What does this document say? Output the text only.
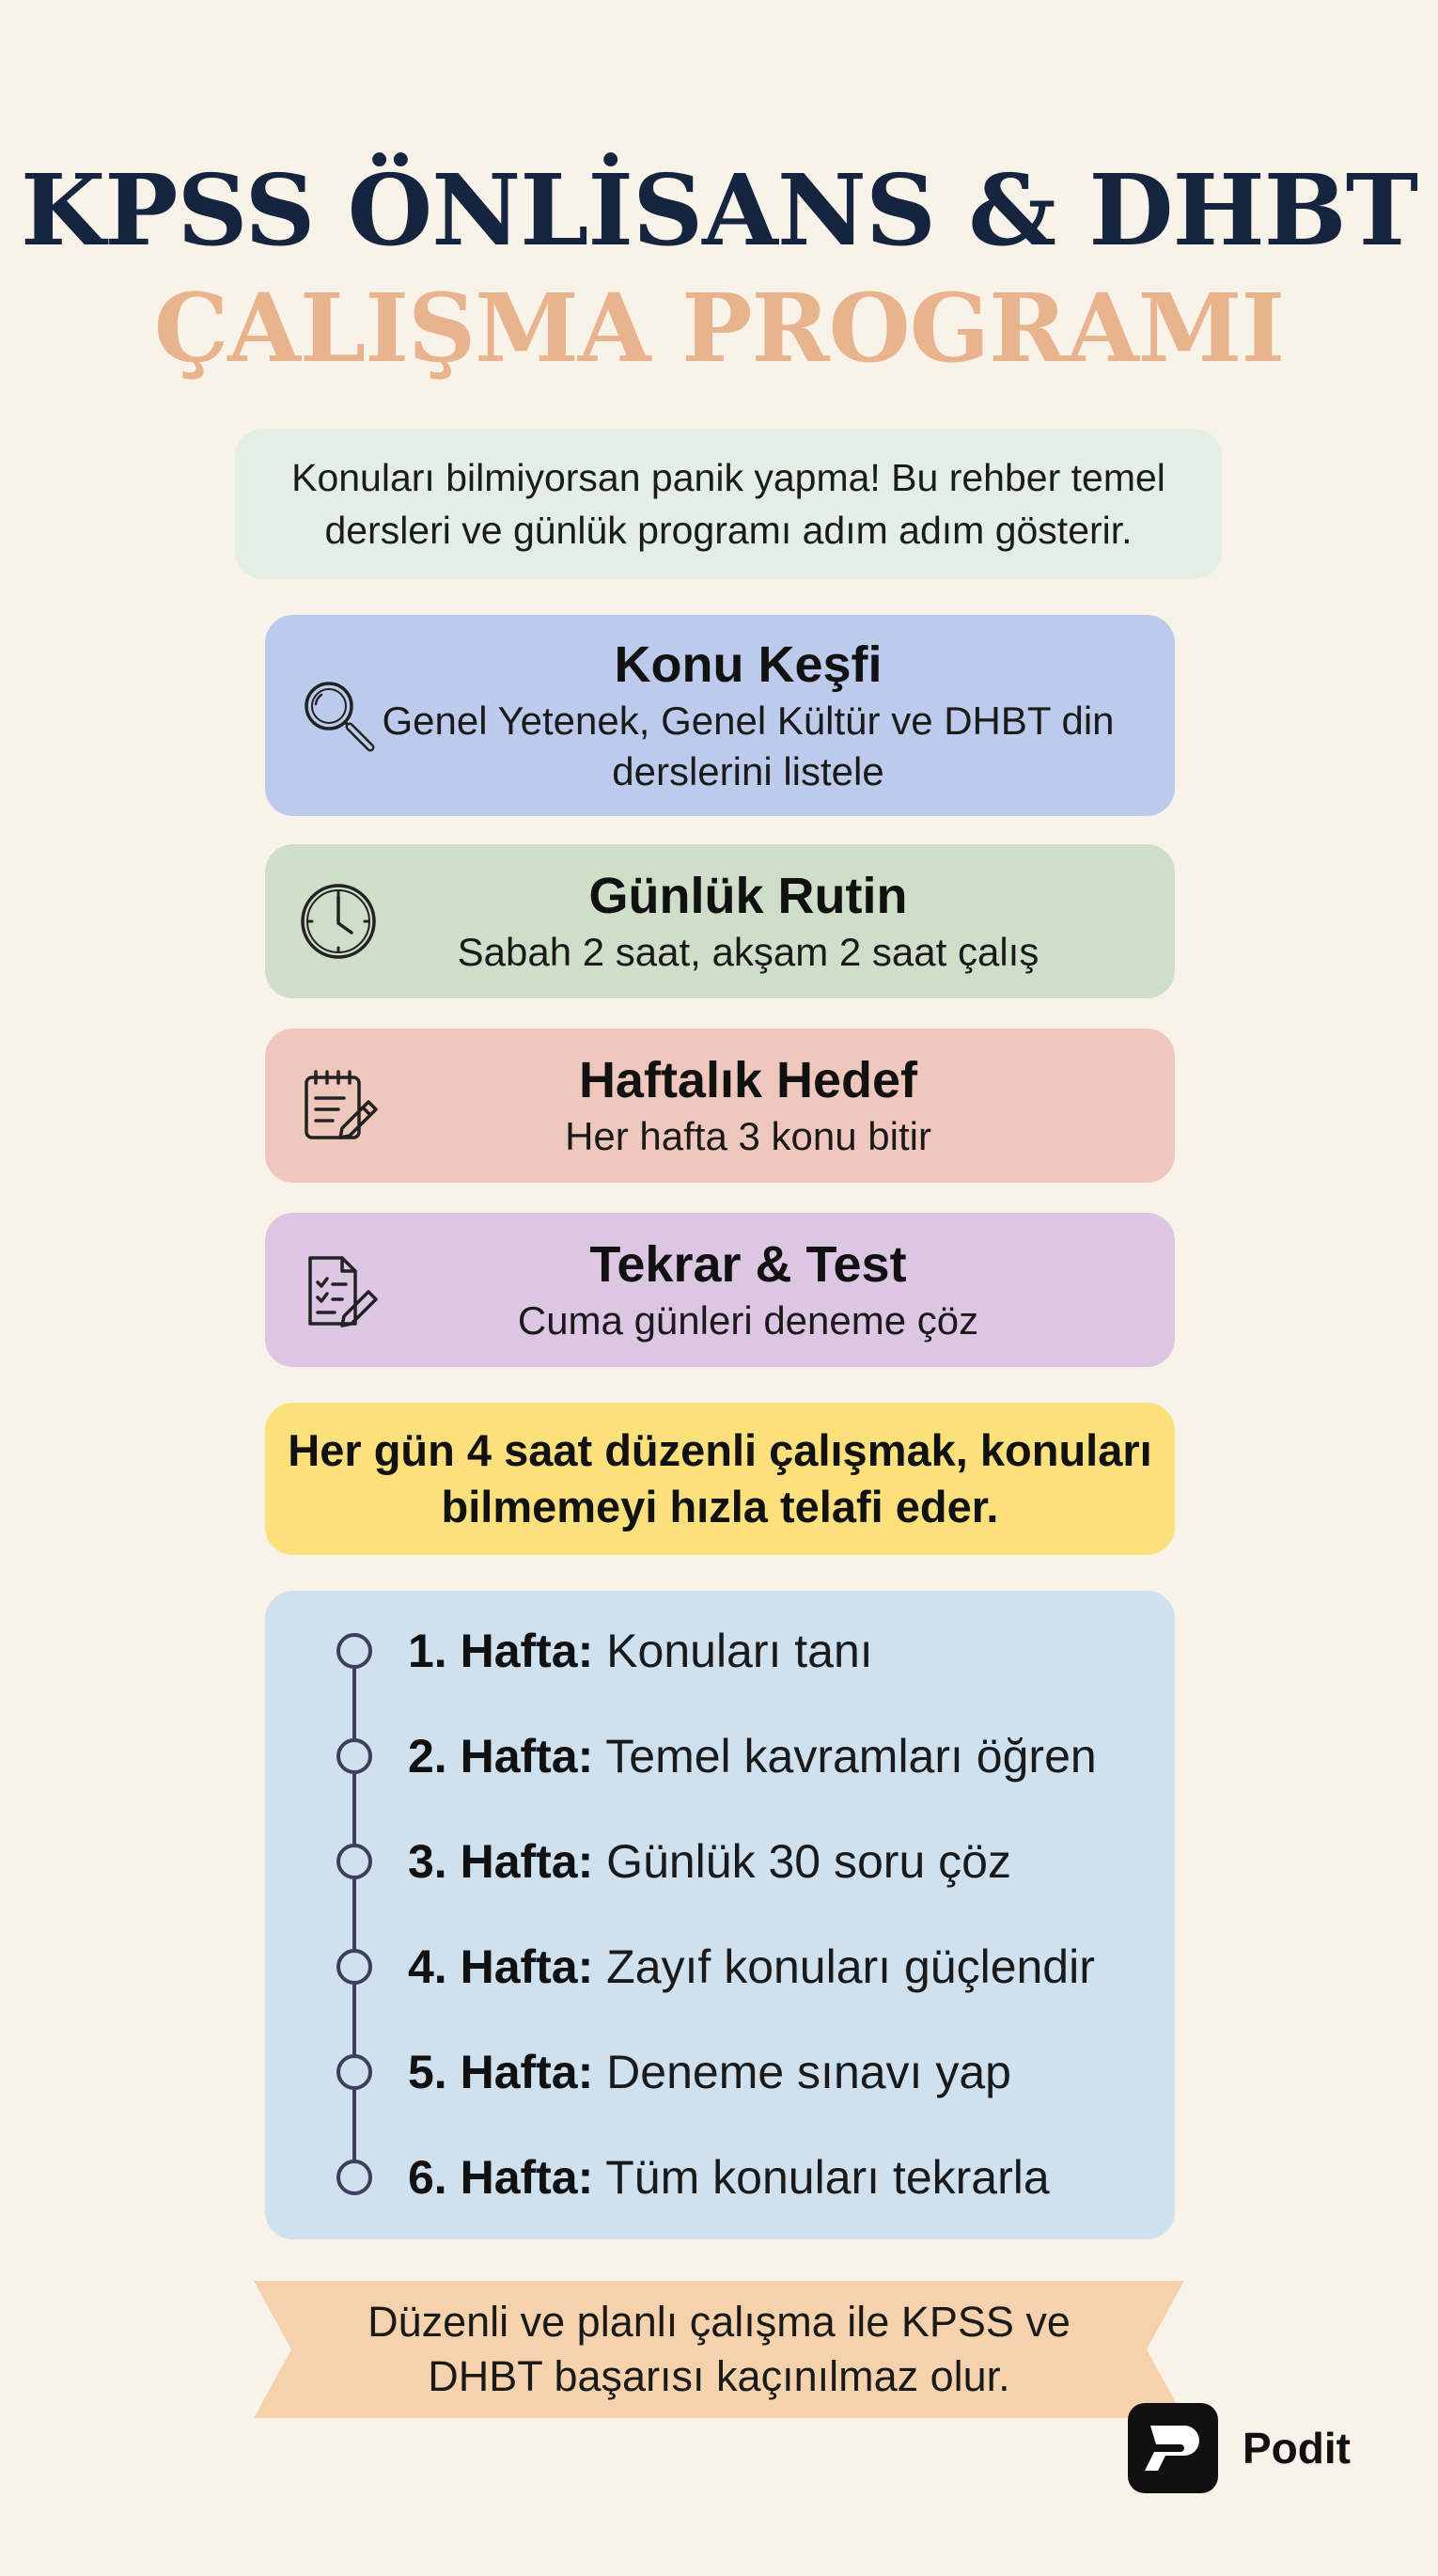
KPSS ÖNLİSANS & DHBT
ÇALIŞMA PROGRAMI
Konuları bilmiyorsan panik yapma! Bu rehber temel dersleri ve günlük programı adım adım gösterir.
Konu Keşfi
Genel Yetenek, Genel Kültür ve DHBT din derslerini listele
Günlük Rutin
Sabah 2 saat, akşam 2 saat çalış
Haftalık Hedef
Her hafta 3 konu bitir
Tekrar & Test
Cuma günleri deneme çöz
Her gün 4 saat düzenli çalışmak, konuları bilmemeyi hızla telafi eder.
1. Hafta: Konuları tanı
2. Hafta: Temel kavramları öğren
3. Hafta: Günlük 30 soru çöz
4. Hafta: Zayıf konuları güçlendir
5. Hafta: Deneme sınavı yap
6. Hafta: Tüm konuları tekrarla
Düzenli ve planlı çalışma ile KPSS ve DHBT başarısı kaçınılmaz olur.
Podit
